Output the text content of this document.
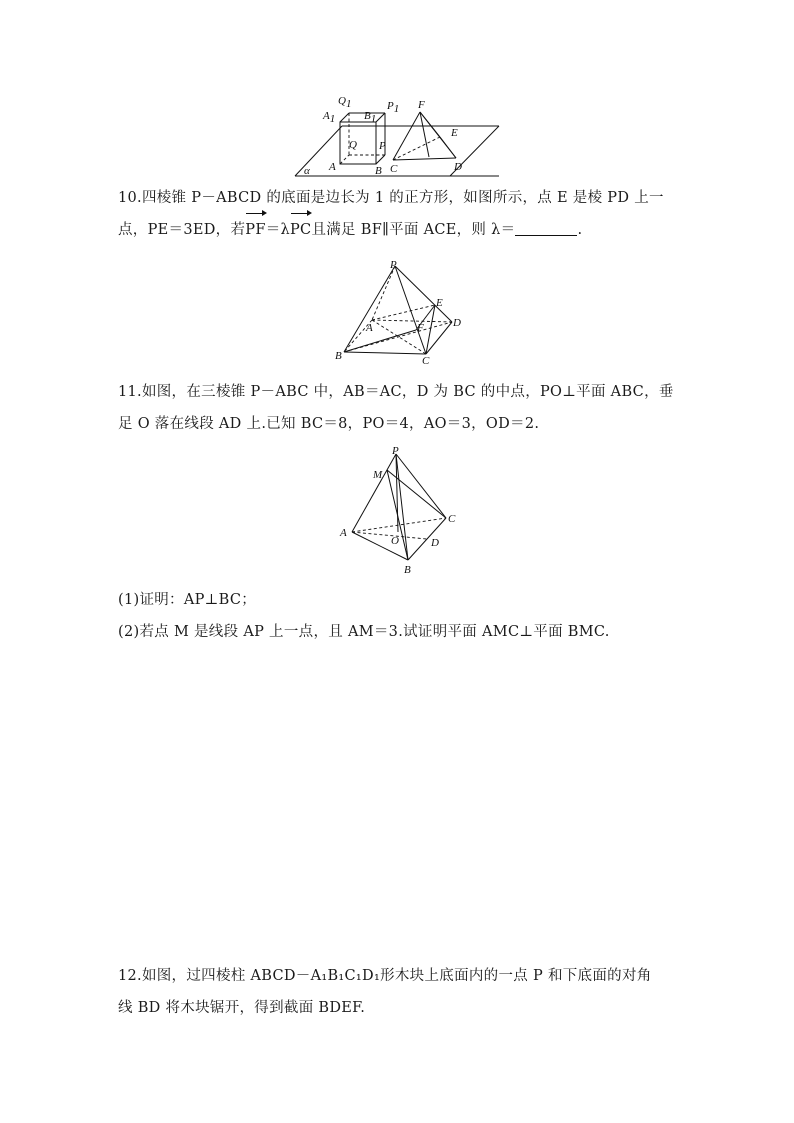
Q1
A1	B1
P1
Q P
A	B
α
F
E
C	D
10.四棱锥 P－ABCD 的底面是边长为 1 的正方形，如图所示，点 E 是棱 PD 上一
点，PE＝3ED，若PF＝λPC且满足 BF∥平面 ACE，则 λ＝	.
P
E
D
A	F
B	C
11.如图，在三棱锥 P－ABC 中，AB＝AC，D 为 BC 的中点，PO⊥平面 ABC，垂
足 O 落在线段 AD 上.已知 BC＝8，PO＝4，AO＝3，OD＝2.
P
M
C
A
O	D
B
(1)证明：AP⊥BC；
(2)若点 M 是线段 AP 上一点，且 AM＝3.试证明平面 AMC⊥平面 BMC.
12.如图，过四棱柱 ABCD－A₁B₁C₁D₁形木块上底面内的一点 P 和下底面的对角
线 BD 将木块锯开，得到截面 BDEF.
